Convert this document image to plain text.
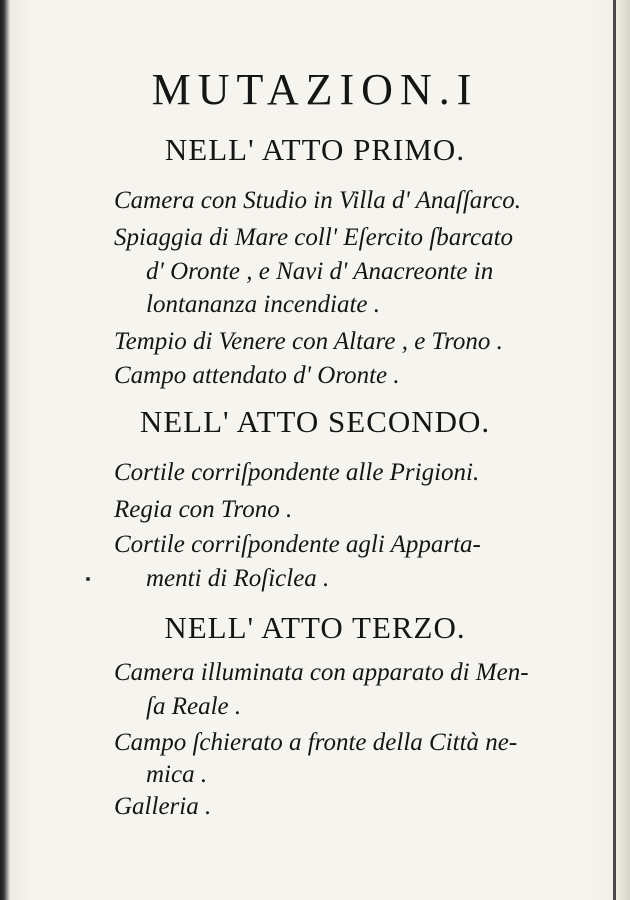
MUTAZION.I
NELL' ATTO PRIMO.
Camera con Studio in Villa d' Anaſſarco.
Spiaggia di Mare coll' Eſercito ſbarcato
d' Oronte , e Navi d' Anacreonte in
lontananza incendiate .
Tempio di Venere con Altare , e Trono .
Campo attendato d' Oronte .
NELL' ATTO SECONDO.
Cortile corriſpondente alle Prigioni.
Regia con Trono .
Cortile corriſpondente agli Apparta-
menti di Roſiclea .
NELL' ATTO TERZO.
Camera illuminata con apparato di Men-
ſa Reale .
Campo ſchierato a fronte della Città ne-
mica .
Galleria .
